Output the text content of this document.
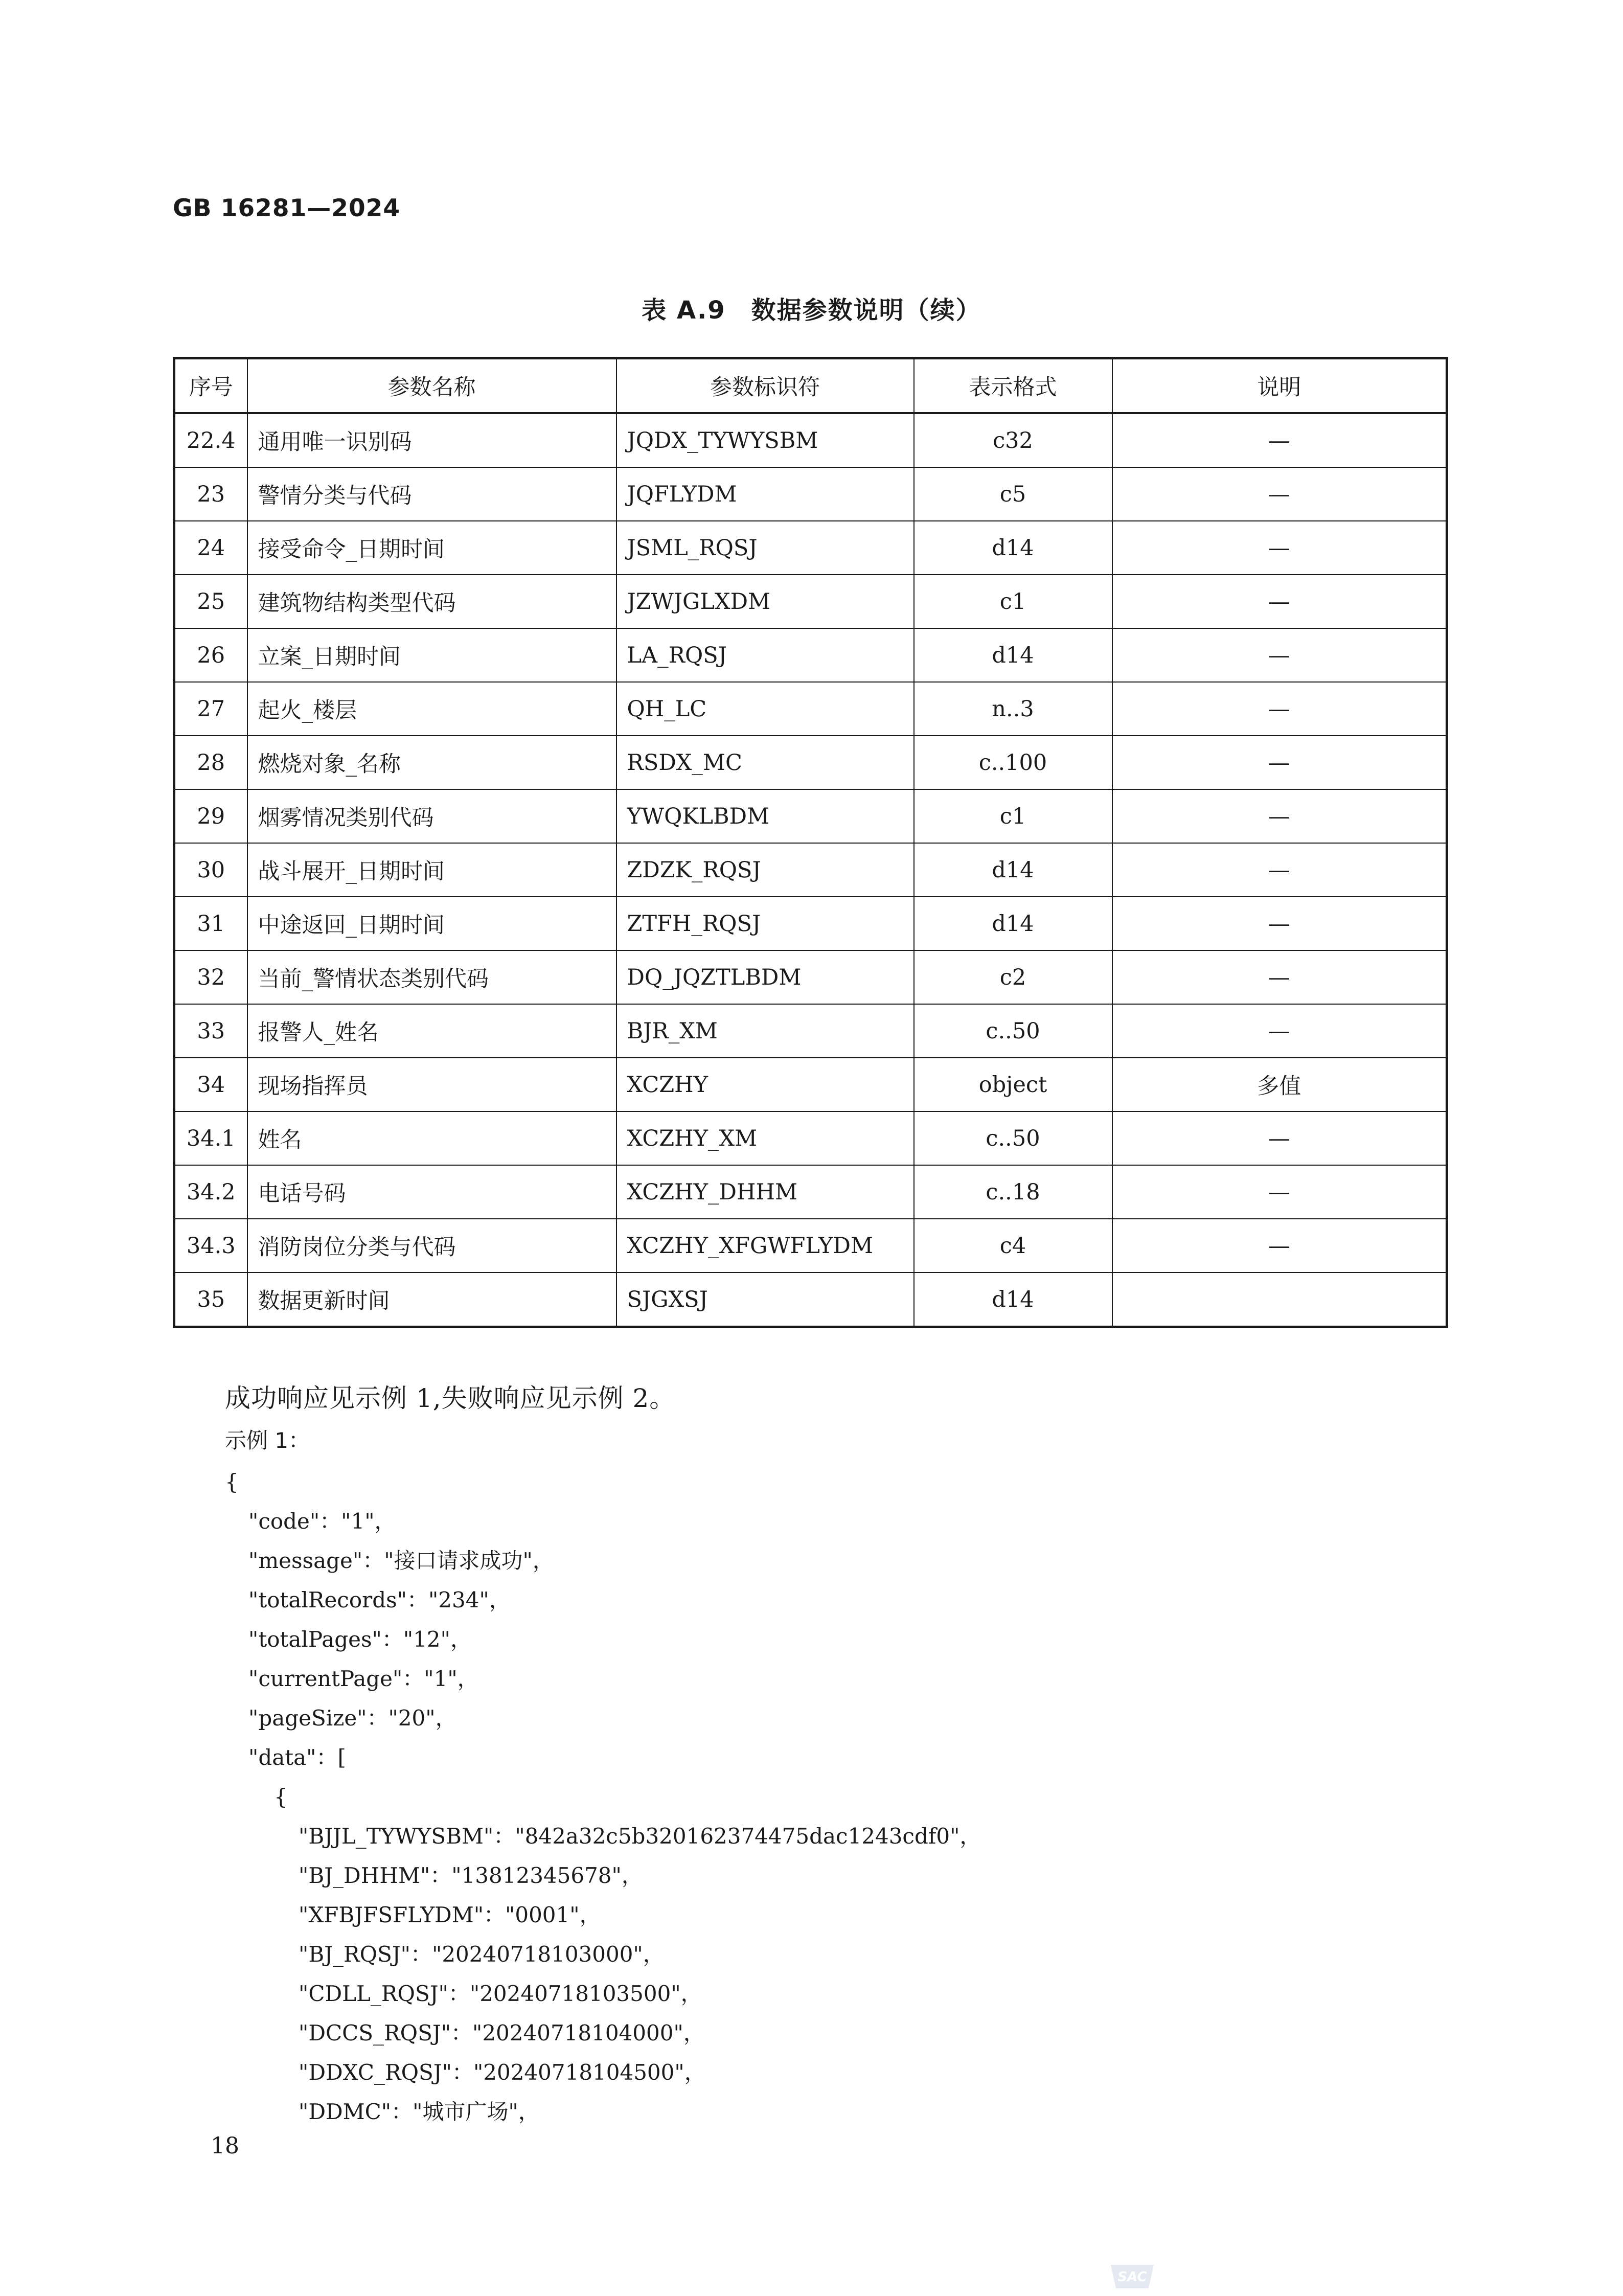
GB 16281—2024
表 A.9　数据参数说明（续）
序号	参数名称	参数标识符	表示格式	说明
22.4	通用唯一识别码	JQDX_TYWYSBM	c32	—
23	警情分类与代码	JQFLYDM	c5	—
24	接受命令_日期时间	JSML_RQSJ	d14	—
25	建筑物结构类型代码	JZWJGLXDM	c1	—
26	立案_日期时间	LA_RQSJ	d14	—
27	起火_楼层	QH_LC	n..3	—
28	燃烧对象_名称	RSDX_MC	c..100	—
29	烟雾情况类别代码	YWQKLBDM	c1	—
30	战斗展开_日期时间	ZDZK_RQSJ	d14	—
31	中途返回_日期时间	ZTFH_RQSJ	d14	—
32	当前_警情状态类别代码	DQ_JQZTLBDM	c2	—
33	报警人_姓名	BJR_XM	c..50	—
34	现场指挥员	XCZHY	object	多值
34.1	姓名	XCZHY_XM	c..50	—
34.2	电话号码	XCZHY_DHHM	c..18	—
34.3	消防岗位分类与代码	XCZHY_XFGWFLYDM	c4	—
35	数据更新时间	SJGXSJ	d14	
成功响应见示例 1,失败响应见示例 2。
示例 1：
{
"code"："1"，
"message"："接口请求成功"，
"totalRecords"："234"，
"totalPages"："12"，
"currentPage"："1"，
"pageSize"："20"，
"data"：[
{
"BJJL_TYWYSBM"："842a32c5b320162374475dac1243cdf0"，
"BJ_DHHM"："13812345678"，
"XFBJFSFLYDM"："0001"，
"BJ_RQSJ"："20240718103000"，
"CDLL_RQSJ"："20240718103500"，
"DCCS_RQSJ"："20240718104000"，
"DDXC_RQSJ"："20240718104500"，
"DDMC"："城市广场"，
18
SAC
